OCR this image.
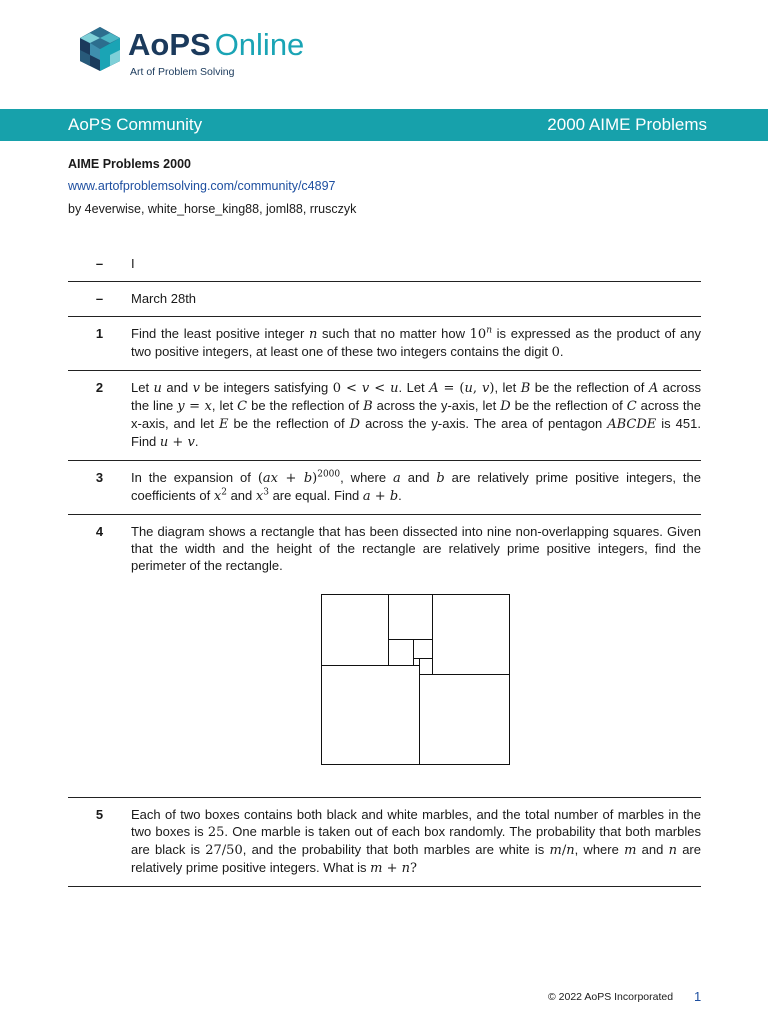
AoPS Online
Art of Problem Solving
AoPS Community	2000 AIME Problems
AIME Problems 2000
www.artofproblemsolving.com/community/c4897
by 4everwise, white_horse_king88, joml88, rrusczyk
–	I
–	March 28th
1	Find the least positive integer n such that no matter how 10$^n$ is expressed as the product of any two positive integers, at least one of these two integers contains the digit 0.
2	Let u and v be integers satisfying 0 < v < u. Let A = (u, v), let B be the reflection of A across the line y = x, let C be the reflection of B across the y-axis, let D be the reflection of C across the x-axis, and let E be the reflection of D across the y-axis. The area of pentagon ABCDE is 451. Find u + v.
3	In the expansion of (ax + b)$^{2000}$, where a and b are relatively prime positive integers, the coefficients of $x^2$ and $x^3$ are equal. Find a + b.
4	The diagram shows a rectangle that has been dissected into nine non-overlapping squares. Given that the width and the height of the rectangle are relatively prime positive integers, find the perimeter of the rectangle.
5	Each of two boxes contains both black and white marbles, and the total number of marbles in the two boxes is 25. One marble is taken out of each box randomly. The probability that both marbles are black is 27/50, and the probability that both marbles are white is m/n, where m and n are relatively prime positive integers. What is m + n?
© 2022 AoPS Incorporated 1
